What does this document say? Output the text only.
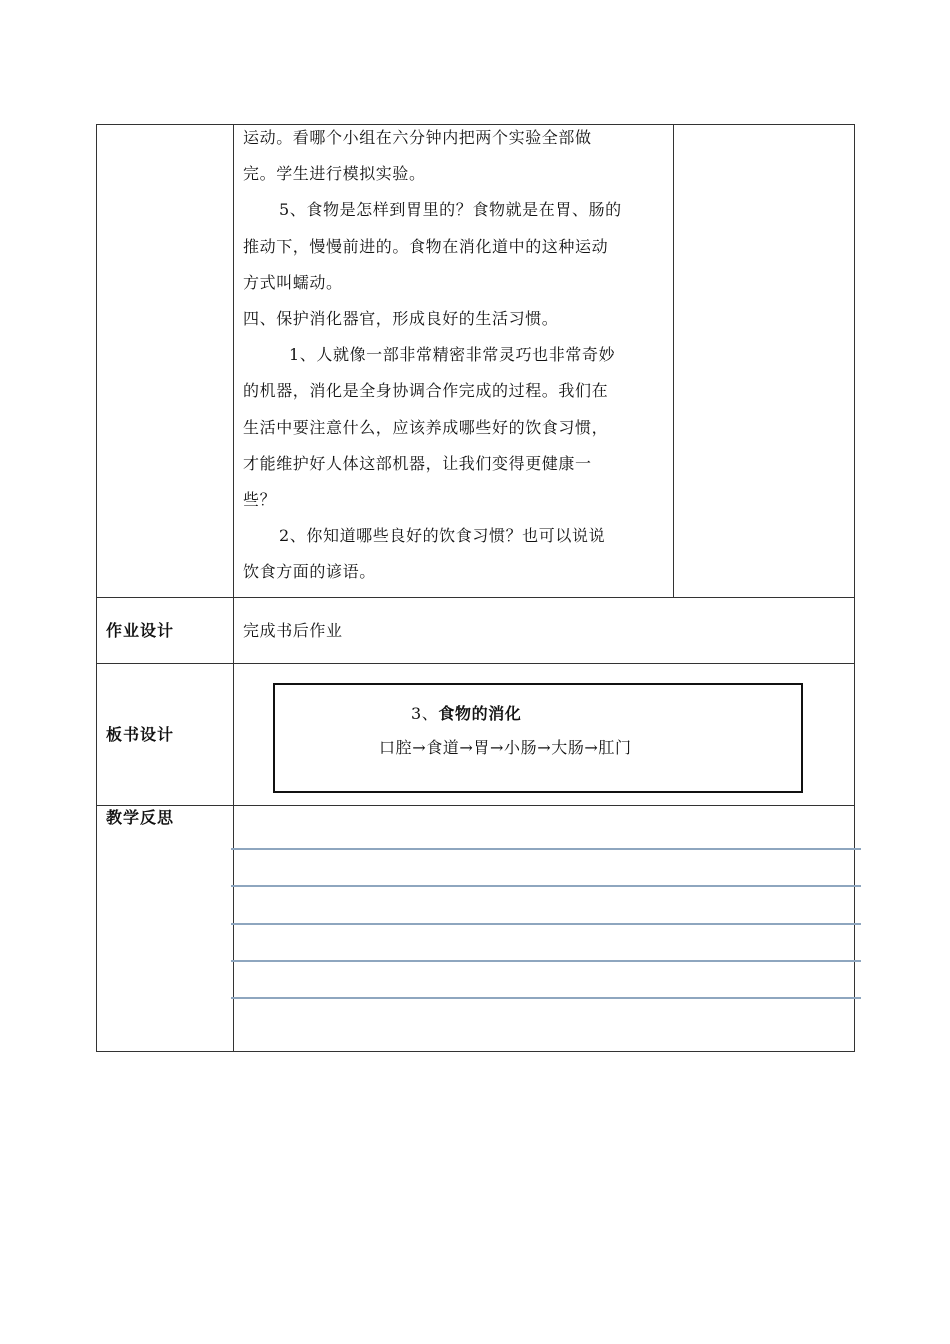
运动。看哪个小组在六分钟内把两个实验全部做
完。学生进行模拟实验。
5、食物是怎样到胃里的？食物就是在胃、肠的
推动下，慢慢前进的。食物在消化道中的这种运动
方式叫蠕动。
四、保护消化器官，形成良好的生活习惯。
1、人就像一部非常精密非常灵巧也非常奇妙
的机器，消化是全身协调合作完成的过程。我们在
生活中要注意什么，应该养成哪些好的饮食习惯，
才能维护好人体这部机器，让我们变得更健康一
些？
2、你知道哪些良好的饮食习惯？也可以说说
饮食方面的谚语。
作业设计	完成书后作业
板书设计
3、食物的消化
口腔→食道→胃→小肠→大肠→肛门
教学反思
